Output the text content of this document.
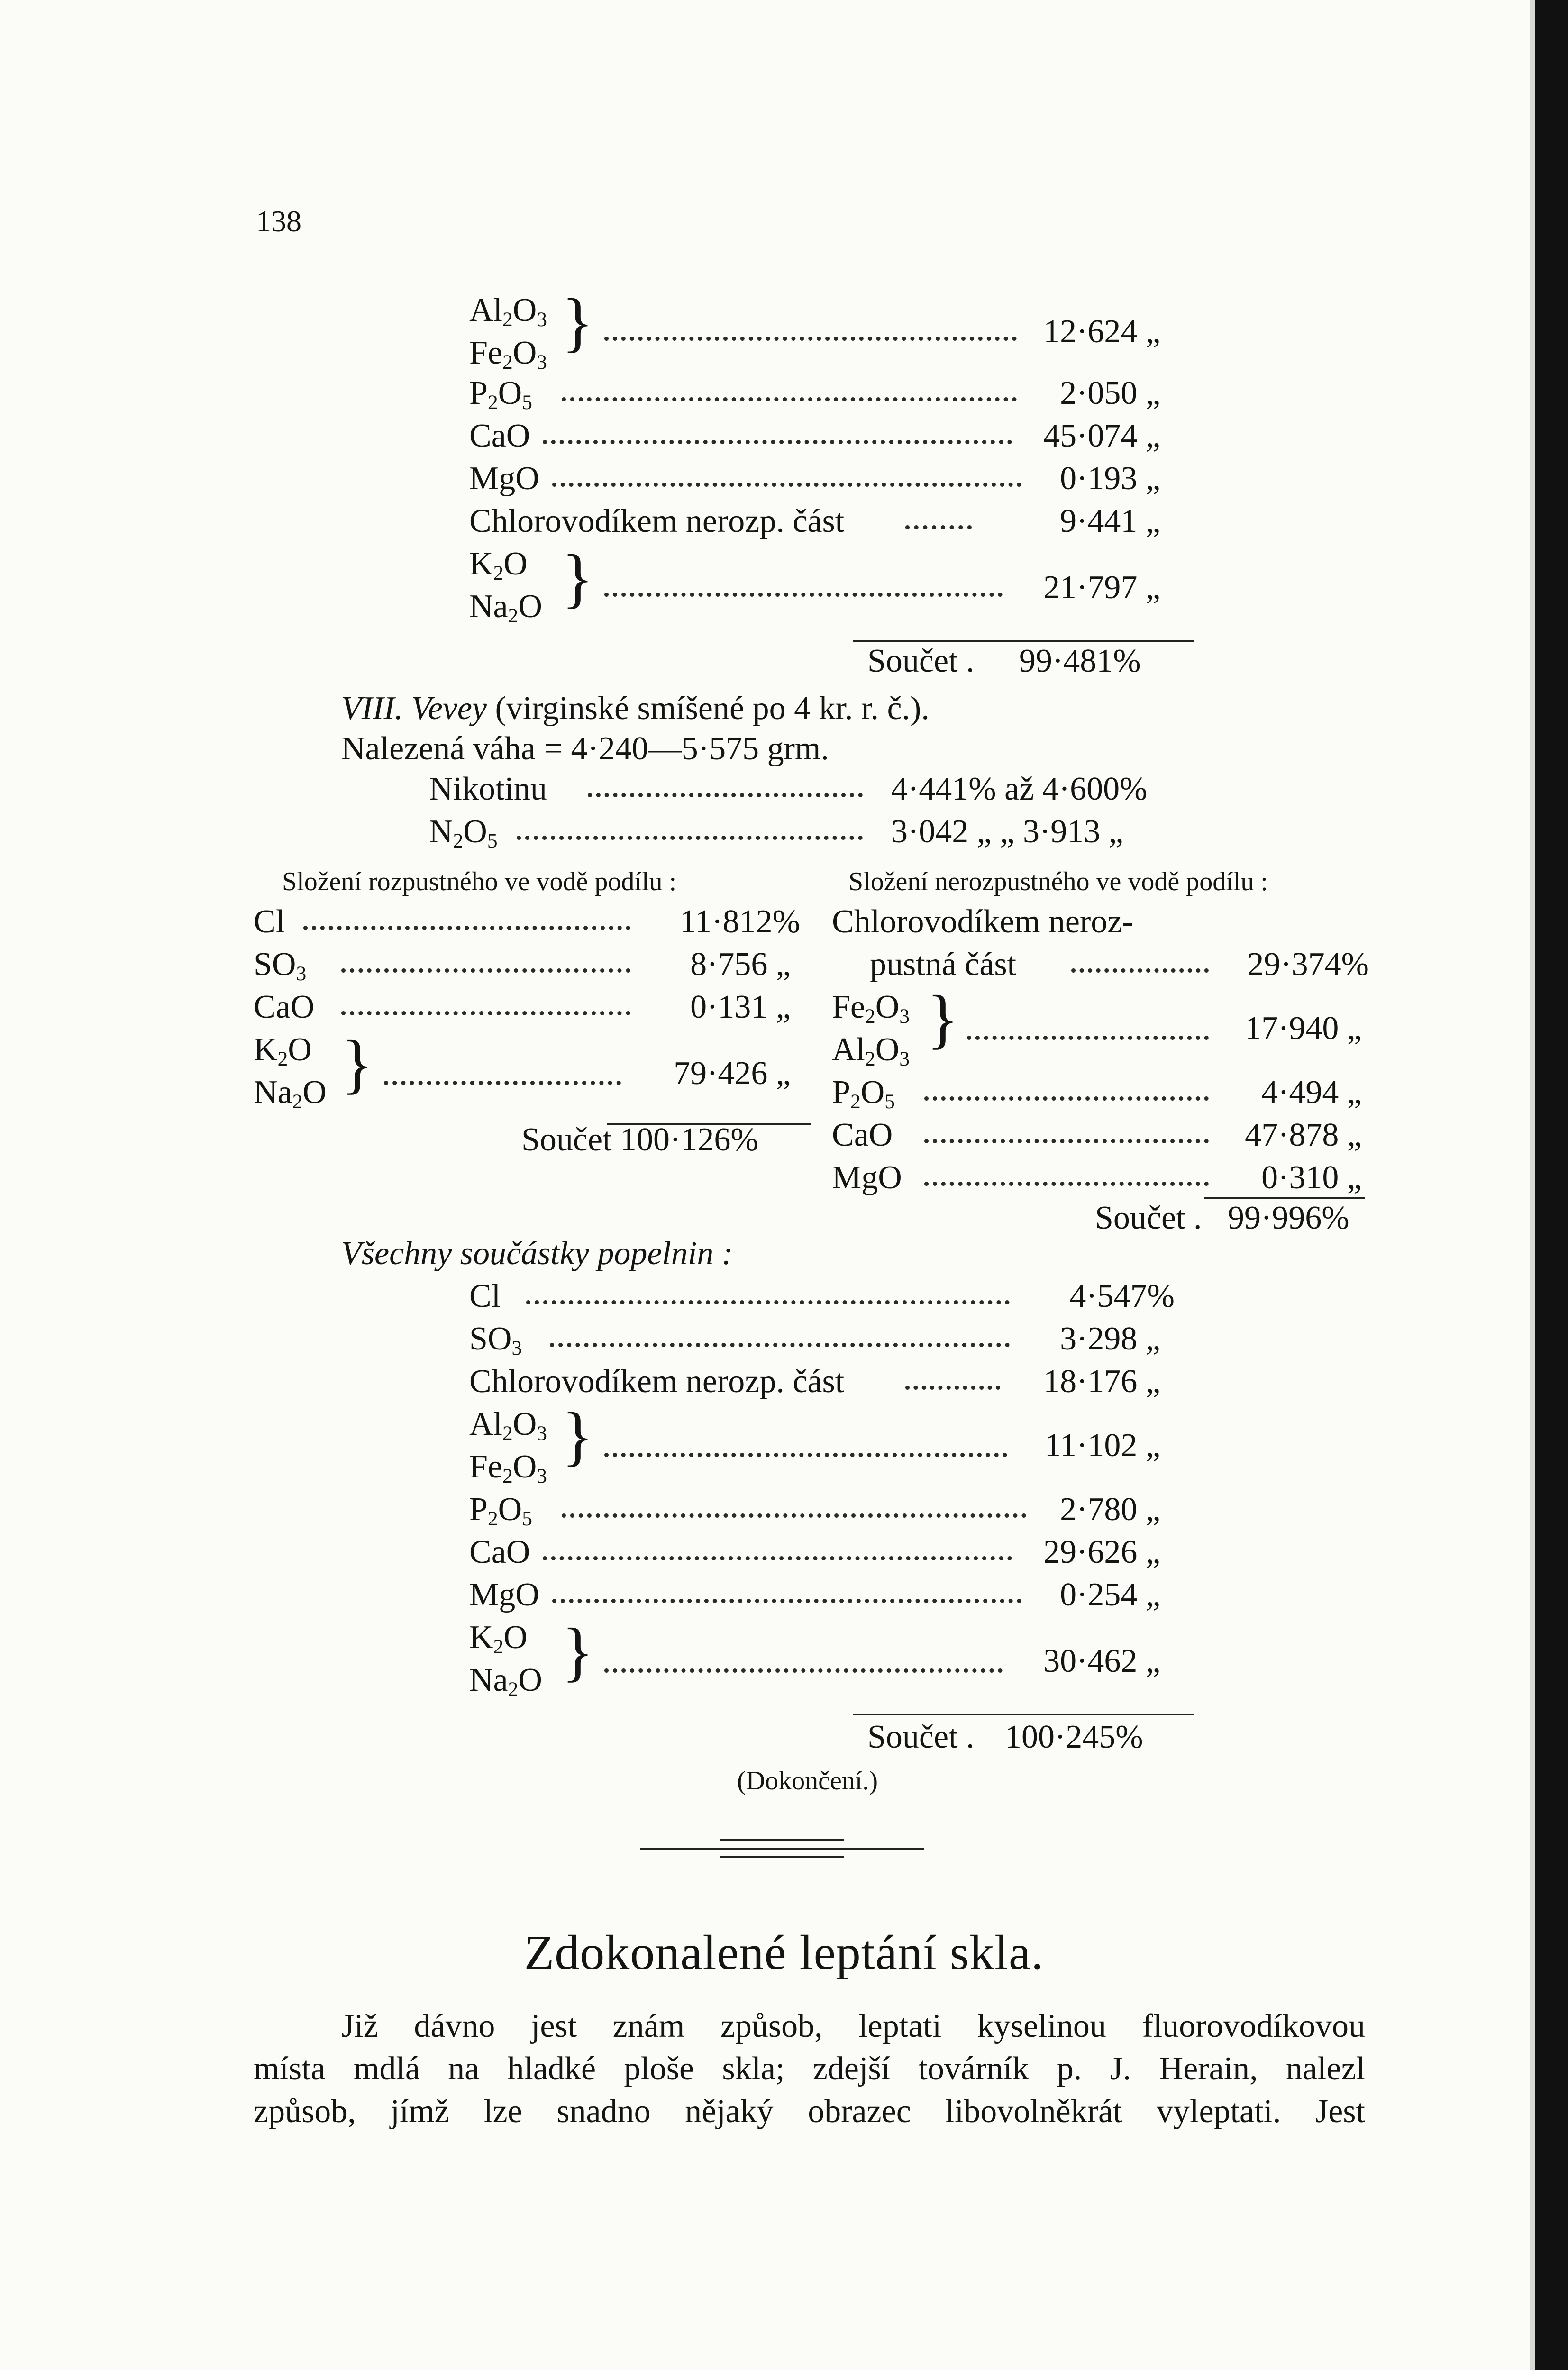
138
$Al_2O_3$
$Fe_2O_3$
}	12·624 „
$P_2O_5$	2·050 „
CaO	45·074 „
MgO	0·193 „
Chlorovodíkem nerozp. část	9·441 „
$K_2O$
$Na_2O$ }	21·797 „
Součet . 99·481%
VIII. Vevey (virginské smíšené po 4 kr. r. č.).
Nalezená váha = 4·240—5·575 grm.
Nikotinu	4·441% až 4·600%
$N_2O_5$	3·042 „ „ 3·913 „
Složení rozpustného ve vodě podílu :
Cl	11·812%
$SO_3$	8·756 „
CaO	0·131 „
$K_2O$
$Na_2O$ }	79·426 „
Součet 100·126%
Složení nerozpustného ve vodě podílu :
Chlorovodíkem neroz-
pustná část	29·374%
$Fe_2O_3$
$Al_2O_3$
}	17·940 „
$P_2O_5$	4·494 „
CaO	47·878 „
MgO	0·310 „
Součet . 99·996%
Všechny součástky popelnin :
Cl	4·547%
$SO_3$	3·298 „
Chlorovodíkem nerozp. část	18·176 „
$Al_2O_3$
$Fe_2O_3$
}	11·102 „
$P_2O_5$	2·780 „
CaO	29·626 „
MgO	0·254 „
$K_2O$
$Na_2O$ }	30·462 „
Součet . 100·245%
(Dokončení.)
Zdokonalené leptání skla.
Již dávno jest znám způsob, leptati kyselinou fluorovodíkovou
místa mdlá na hladké ploše skla; zdejší továrník p. J. Herain, nalezl
způsob, jímž lze snadno nějaký obrazec libovolněkrát vyleptati. Jest
